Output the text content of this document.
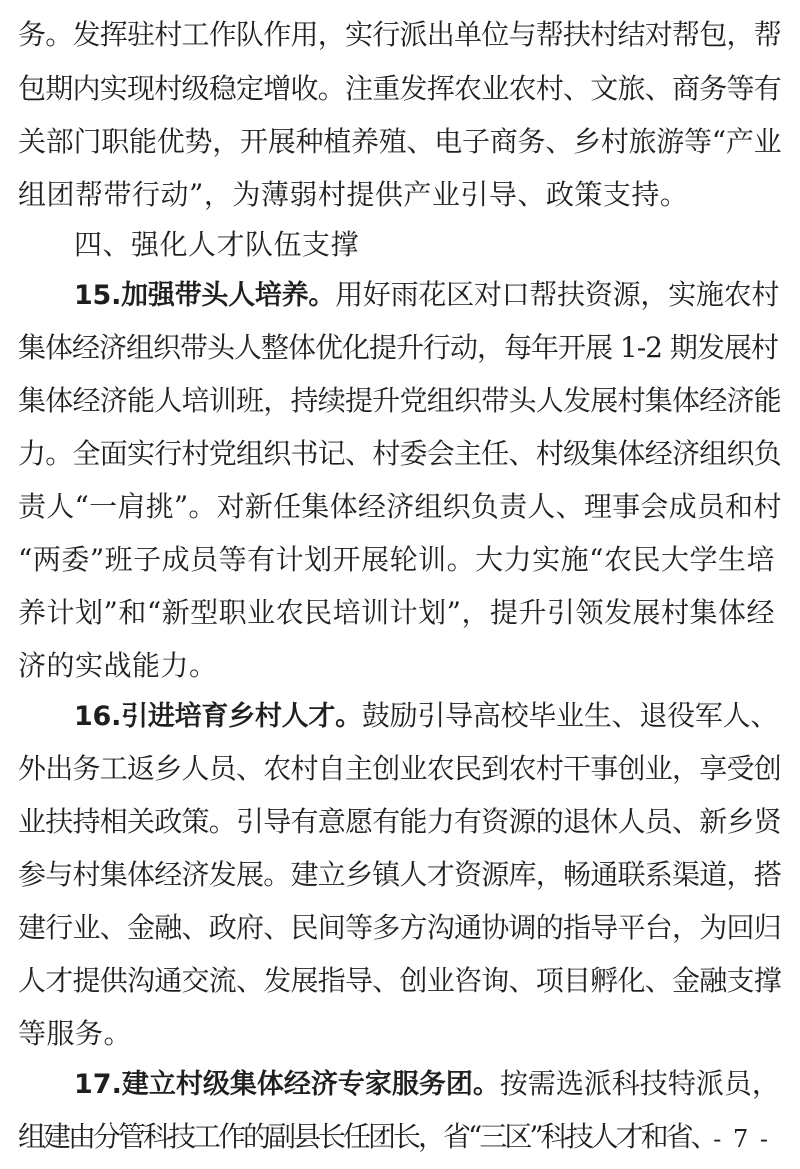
务。发挥驻村工作队作用，实行派出单位与帮扶村结对帮包，帮
包期内实现村级稳定增收。注重发挥农业农村、文旅、商务等有
关部门职能优势，开展种植养殖、电子商务、乡村旅游等“产业
组团帮带行动”，为薄弱村提供产业引导、政策支持。
四、强化人才队伍支撑
15.加强带头人培养。用好雨花区对口帮扶资源，实施农村
集体经济组织带头人整体优化提升行动，每年开展 1-2 期发展村
集体经济能人培训班，持续提升党组织带头人发展村集体经济能
力。全面实行村党组织书记、村委会主任、村级集体经济组织负
责人“一肩挑”。对新任集体经济组织负责人、理事会成员和村
“两委”班子成员等有计划开展轮训。大力实施“农民大学生培
养计划”和“新型职业农民培训计划”，提升引领发展村集体经
济的实战能力。
16.引进培育乡村人才。鼓励引导高校毕业生、退役军人、
外出务工返乡人员、农村自主创业农民到农村干事创业，享受创
业扶持相关政策。引导有意愿有能力有资源的退休人员、新乡贤
参与村集体经济发展。建立乡镇人才资源库，畅通联系渠道，搭
建行业、金融、政府、民间等多方沟通协调的指导平台，为回归
人才提供沟通交流、发展指导、创业咨询、项目孵化、金融支撑
等服务。
17.建立村级集体经济专家服务团。按需选派科技特派员，
组建由分管科技工作的副县长任团长，省“三区”科技人才和省、
- 7 -
